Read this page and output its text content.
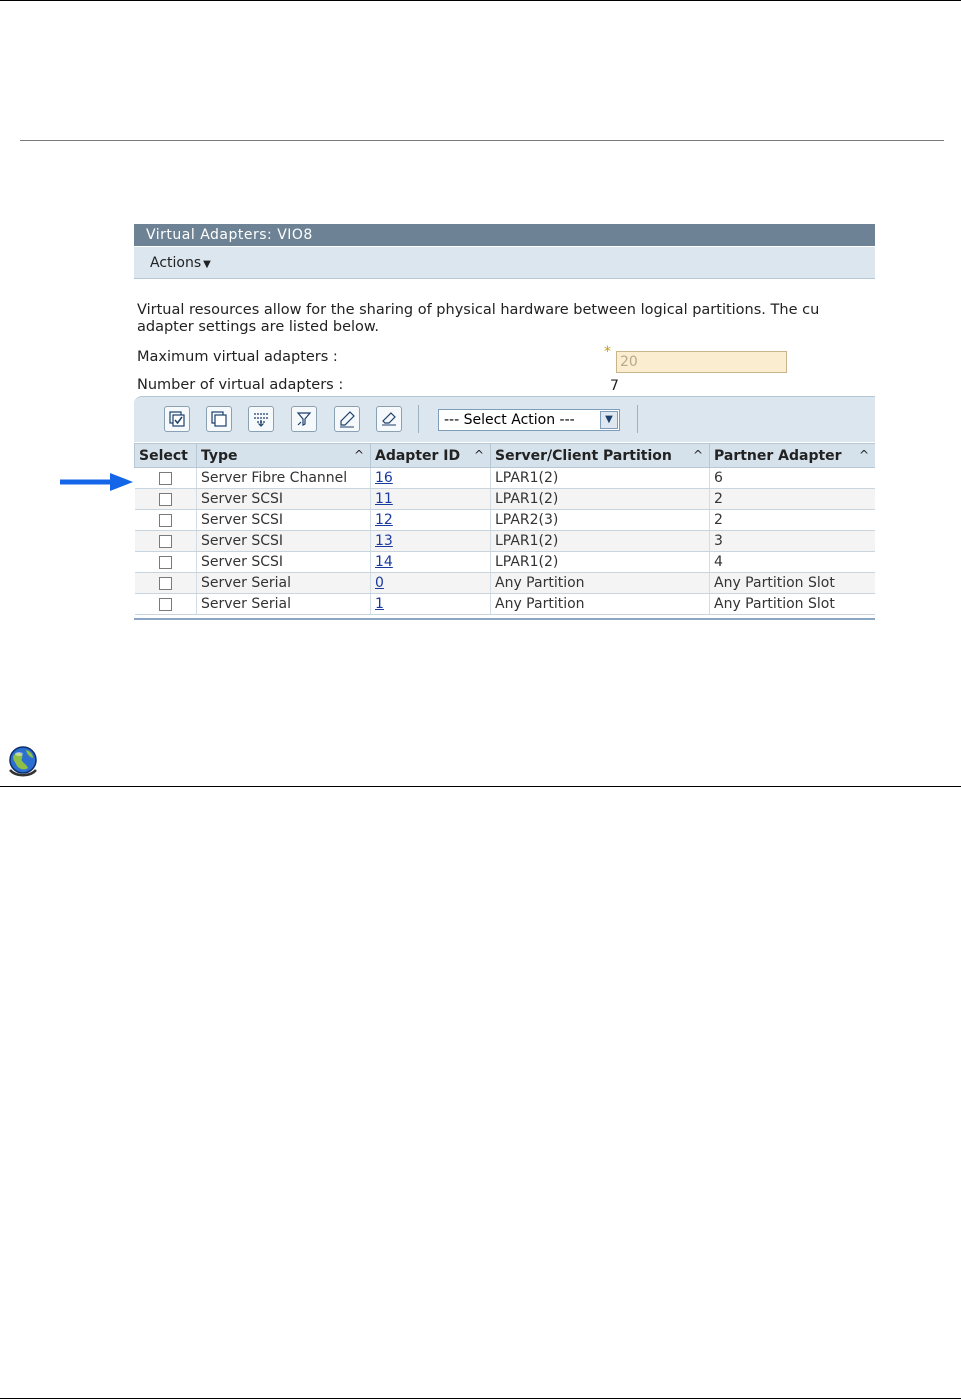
Virtual Adapters: VIO8
Actions ▼
Virtual resources allow for the sharing of physical hardware between logical partitions. The cu
adapter settings are listed below.
Maximum virtual adapters :	*
20
Number of virtual adapters :	7
--- Select Action ---	▼
Select	Type ^	Adapter ID ^	Server/Client Partition ^	Partner Adapter ^

	Server Fibre Channel	16	LPAR1(2)	6
	Server SCSI	11	LPAR1(2)	2
	Server SCSI	12	LPAR2(3)	2
	Server SCSI	13	LPAR1(2)	3
	Server SCSI	14	LPAR1(2)	4
	Server Serial	0	Any Partition	Any Partition Slot
	Server Serial	1	Any Partition	Any Partition Slot
